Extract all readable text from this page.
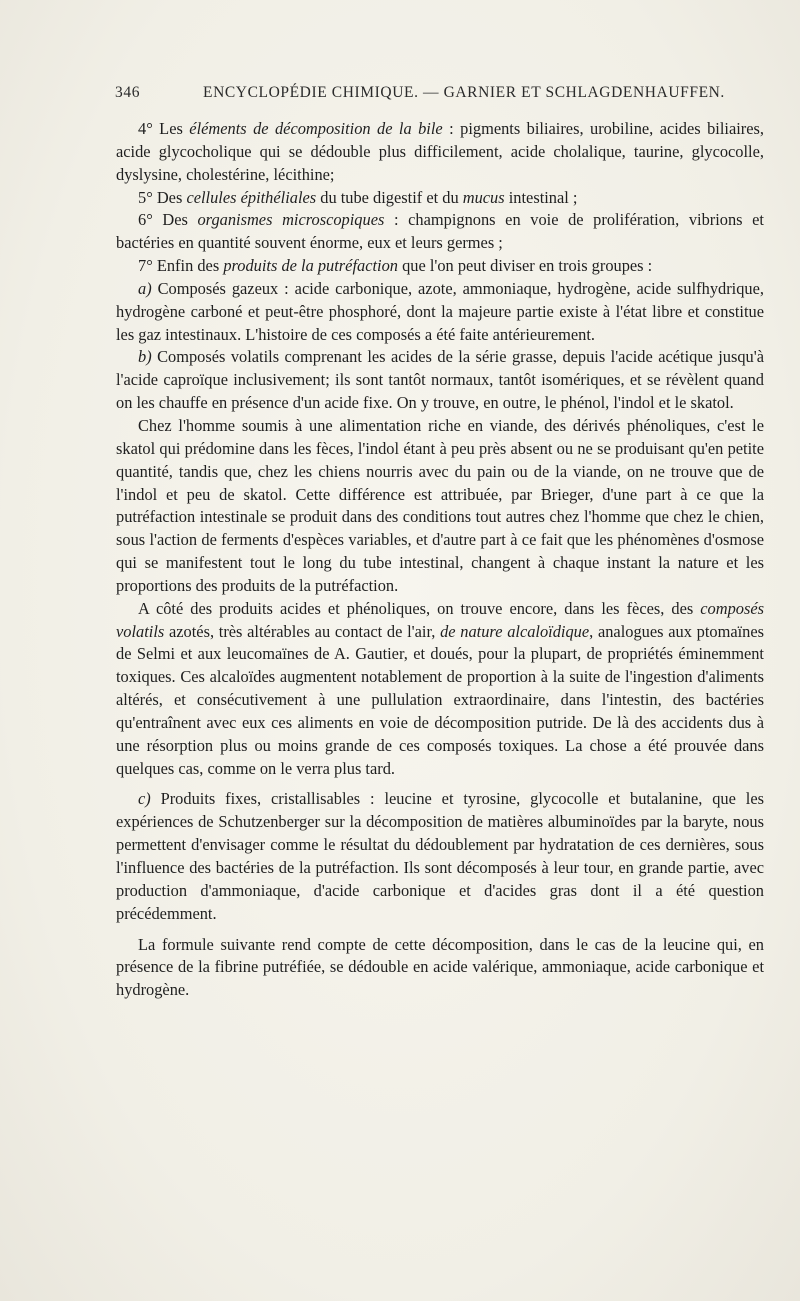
346	ENCYCLOPÉDIE CHIMIQUE. — GARNIER ET SCHLAGDENHAUFFEN.

4° Les éléments de décomposition de la bile : pigments biliaires, urobiline, acides biliaires, acide glycocholique qui se dédouble plus difficilement, acide cholalique, taurine, glycocolle, dyslysine, cholestérine, lécithine;

5° Des cellules épithéliales du tube digestif et du mucus intestinal ;

6° Des organismes microscopiques : champignons en voie de prolifération, vibrions et bactéries en quantité souvent énorme, eux et leurs germes ;

7° Enfin des produits de la putréfaction que l'on peut diviser en trois groupes :

a) Composés gazeux : acide carbonique, azote, ammoniaque, hydrogène, acide sulfhydrique, hydrogène carboné et peut-être phosphoré, dont la majeure partie existe à l'état libre et constitue les gaz intestinaux. L'histoire de ces composés a été faite antérieurement.

b) Composés volatils comprenant les acides de la série grasse, depuis l'acide acétique jusqu'à l'acide caproïque inclusivement; ils sont tantôt normaux, tantôt isomériques, et se révèlent quand on les chauffe en présence d'un acide fixe. On y trouve, en outre, le phénol, l'indol et le skatol.

Chez l'homme soumis à une alimentation riche en viande, des dérivés phénoliques, c'est le skatol qui prédomine dans les fèces, l'indol étant à peu près absent ou ne se produisant qu'en petite quantité, tandis que, chez les chiens nourris avec du pain ou de la viande, on ne trouve que de l'indol et peu de skatol. Cette différence est attribuée, par Brieger, d'une part à ce que la putréfaction intestinale se produit dans des conditions tout autres chez l'homme que chez le chien, sous l'action de ferments d'espèces variables, et d'autre part à ce fait que les phénomènes d'osmose qui se manifestent tout le long du tube intestinal, changent à chaque instant la nature et les proportions des produits de la putréfaction.

A côté des produits acides et phénoliques, on trouve encore, dans les fèces, des composés volatils azotés, très altérables au contact de l'air, de nature alcaloïdique, analogues aux ptomaïnes de Selmi et aux leucomaïnes de A. Gautier, et doués, pour la plupart, de propriétés éminemment toxiques. Ces alcaloïdes augmentent notablement de proportion à la suite de l'ingestion d'aliments altérés, et consécutivement à une pullulation extraordinaire, dans l'intestin, des bactéries qu'entraînent avec eux ces aliments en voie de décomposition putride. De là des accidents dus à une résorption plus ou moins grande de ces composés toxiques. La chose a été prouvée dans quelques cas, comme on le verra plus tard.

c) Produits fixes, cristallisables : leucine et tyrosine, glycocolle et butalanine, que les expériences de Schutzenberger sur la décomposition de matières albuminoïdes par la baryte, nous permettent d'envisager comme le résultat du dédoublement par hydratation de ces dernières, sous l'influence des bactéries de la putréfaction. Ils sont décomposés à leur tour, en grande partie, avec production d'ammoniaque, d'acide carbonique et d'acides gras dont il a été question précédemment.

La formule suivante rend compte de cette décomposition, dans le cas de la leucine qui, en présence de la fibrine putréfiée, se dédouble en acide valérique, ammoniaque, acide carbonique et hydrogène.
